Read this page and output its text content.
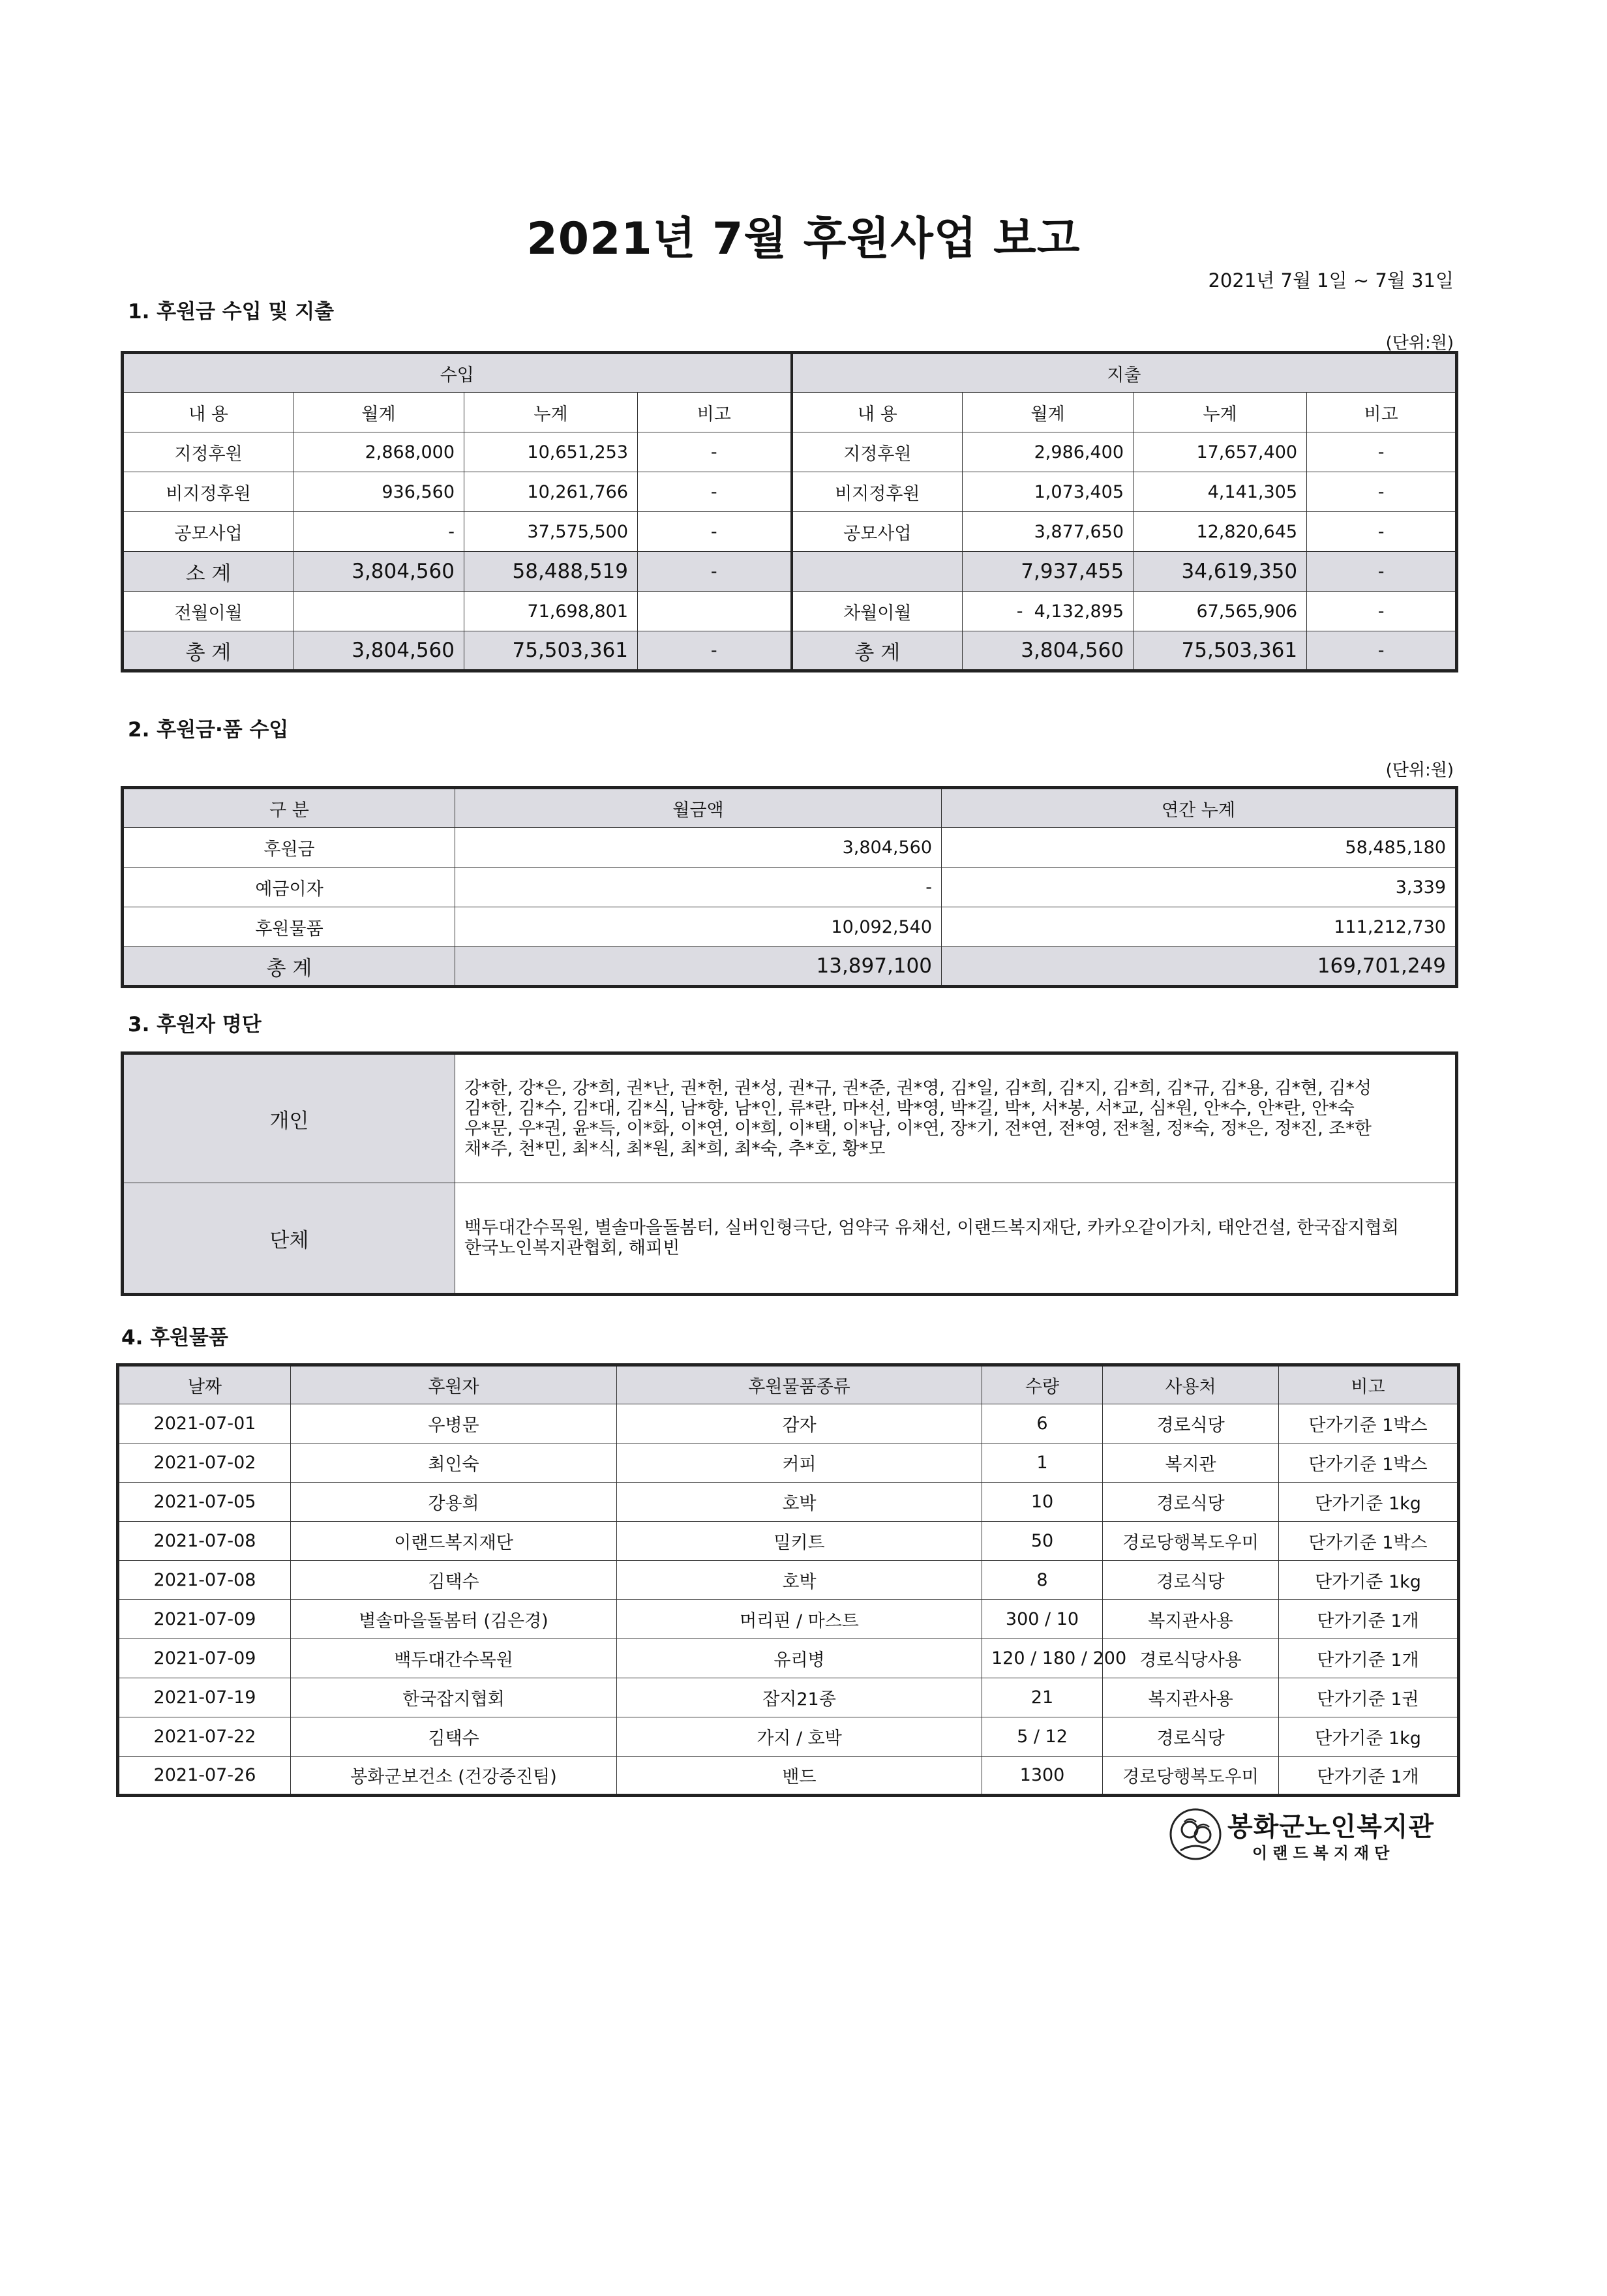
2021년 7월 후원사업 보고
2021년 7월 1일 ~ 7월 31일
1. 후원금 수입 및 지출
(단위:원)
수입				지출			
내 용	월계	누계	비고	내 용	월계	누계	비고
지정후원	2,868,000	10,651,253	-	지정후원	2,986,400	17,657,400	-
비지정후원	936,560	10,261,766	-	비지정후원	1,073,405	4,141,305	-
공모사업	-	37,575,500	-	공모사업	3,877,650	12,820,645	-
소 계	3,804,560	58,488,519	-		7,937,455	34,619,350	-
전월이월		71,698,801		차월이월	-  4,132,895	67,565,906	-
총 계	3,804,560	75,503,361	-	총 계	3,804,560	75,503,361	-
2. 후원금·품 수입
(단위:원)
구 분	월금액	연간 누계
후원금	3,804,560	58,485,180
예금이자	-	3,339
후원물품	10,092,540	111,212,730
총 계	13,897,100	169,701,249
3. 후원자 명단
개인	강*한, 강*은, 강*희, 권*난, 권*헌, 권*성, 권*규, 권*준, 권*영, 김*일, 김*희, 김*지, 김*희, 김*규, 김*용, 김*현, 김*성
김*한, 김*수, 김*대, 김*식, 남*향, 남*인, 류*란, 마*선, 박*영, 박*길, 박*, 서*봉, 서*교, 심*원, 안*수, 안*란, 안*숙
우*문, 우*권, 윤*득, 이*화, 이*연, 이*희, 이*택, 이*남, 이*연, 장*기, 전*연, 전*영, 전*철, 정*숙, 정*은, 정*진, 조*한
채*주, 천*민, 최*식, 최*원, 최*희, 최*숙, 추*호, 황*모

단체	백두대간수목원, 별솔마을돌봄터, 실버인형극단, 엄약국 유채선, 이랜드복지재단, 카카오같이가치, 태안건설, 한국잡지협회
한국노인복지관협회, 해피빈
4. 후원물품
날짜	후원자	후원물품종류	수량	사용처	비고
2021-07-01	우병문	감자	6	경로식당	단가기준 1박스
2021-07-02	최인숙	커피	1	복지관	단가기준 1박스
2021-07-05	강용희	호박	10	경로식당	단가기준 1kg
2021-07-08	이랜드복지재단	밀키트	50	경로당행복도우미	단가기준 1박스
2021-07-08	김택수	호박	8	경로식당	단가기준 1kg
2021-07-09	별솔마을돌봄터 (김은경)	머리핀 / 마스트	300 / 10	복지관사용	단가기준 1개
2021-07-09	백두대간수목원	유리병	120 / 180 / 200	경로식당사용	단가기준 1개
2021-07-19	한국잡지협회	잡지21종	21	복지관사용	단가기준 1권
2021-07-22	김택수	가지 / 호박	5 / 12	경로식당	단가기준 1kg
2021-07-26	봉화군보건소 (건강증진팀)	밴드	1300	경로당행복도우미	단가기준 1개
봉화군노인복지관
이랜드복지재단
